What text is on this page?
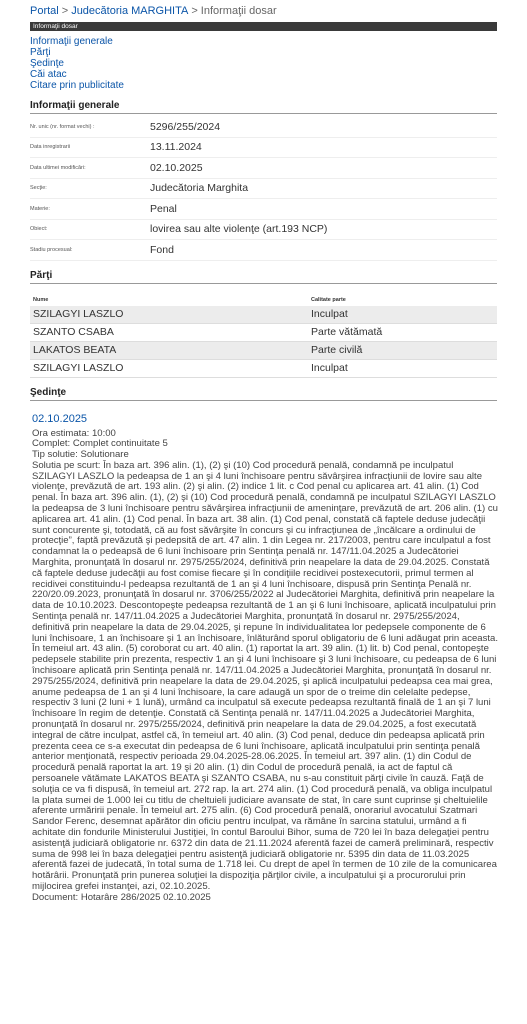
Portal > Judecătoria MARGHITA > Informaţii dosar
Informaţii dosar
Informaţii generale
Părţi
Şedinţe
Căi atac
Citare prin publicitate
Informaţii generale
Nr. unic (nr. format vechi) :	5296/255/2024
Data inregistrarii	13.11.2024
Data ultimei modificări:	02.10.2025
Secţie:	Judecătoria Marghita
Materie:	Penal
Obiect:	lovirea sau alte violenţe (art.193 NCP)
Stadiu procesual:	Fond
Părţi
Nume	Calitate parte
SZILAGYI LASZLO	Inculpat
SZANTO CSABA	Parte vătămată
LAKATOS BEATA	Parte civilă
SZILAGYI LASZLO	Inculpat
Şedinţe
02.10.2025

Ora estimata: 10:00

Complet: Complet continuitate 5

Tip solutie: Solutionare

Solutia pe scurt: În baza art. 396 alin. (1), (2) şi (10) Cod procedură penală, condamnă pe inculpatul SZILAGYI LASZLO la pedeapsa de 1 an şi 4 luni închisoare pentru săvârşirea infracţiunii de lovire sau alte violenţe, prevăzută de art. 193 alin. (2) şi alin. (2) indice 1 lit. c Cod penal cu aplicarea art. 41 alin. (1) Cod penal. În baza art. 396 alin. (1), (2) şi (10) Cod procedură penală, condamnă pe inculpatul SZILAGYI LASZLO la pedeapsa de 3 luni închisoare pentru săvârşirea infracţiunii de ameninţare, prevăzută de art. 206 alin. (1) cu aplicarea art. 41 alin. (1) Cod penal. În baza art. 38 alin. (1) Cod penal, constată că faptele deduse judecăţii sunt concurente şi, totodată, că au fost săvârşite în concurs şi cu infracţiunea de „încălcare a ordinului de protecţie”, faptă prevăzută şi pedepsită de art. 47 alin. 1 din Legea nr. 217/2003, pentru care inculpatul a fost condamnat la o pedeapsă de 6 luni închisoare prin Sentinţa penală nr. 147/11.04.2025 a Judecătoriei Marghita, pronunţată în dosarul nr. 2975/255/2024, definitivă prin neapelare la data de 29.04.2025. Constată că faptele deduse judecăţii au fost comise fiecare şi în condiţiile recidivei postexecutorii, primul termen al recidivei constituindu-l pedeapsa rezultantă de 1 an şi 4 luni închisoare, dispusă prin Sentinţa Penală nr. 220/20.09.2023, pronunţată în dosarul nr. 3706/255/2022 al Judecătoriei Marghita, definitivă prin neapelare la data de 10.10.2023. Descontopeşte pedeapsa rezultantă de 1 an şi 6 luni închisoare, aplicată inculpatului prin Sentinţa penală nr. 147/11.04.2025 a Judecătoriei Marghita, pronunţată în dosarul nr. 2975/255/2024, definitivă prin neapelare la data de 29.04.2025, şi repune în individualitatea lor pedepsele componente de 6 luni închisoare, 1 an închisoare şi 1 an închisoare, înlăturând sporul obligatoriu de 6 luni adăugat prin aceasta. În temeiul art. 43 alin. (5) coroborat cu art. 40 alin. (1) raportat la art. 39 alin. (1) lit. b) Cod penal, contopeşte pedepsele stabilite prin prezenta, respectiv 1 an şi 4 luni închisoare şi 3 luni închisoare, cu pedeapsa de 6 luni închisoare aplicată prin Sentinţa penală nr. 147/11.04.2025 a Judecătoriei Marghita, pronunţată în dosarul nr. 2975/255/2024, definitivă prin neapelare la data de 29.04.2025, şi aplică inculpatului pedeapsa cea mai grea, anume pedeapsa de 1 an şi 4 luni închisoare, la care adaugă un spor de o treime din celelalte pedepse, respectiv 3 luni (2 luni + 1 lună), urmând ca inculpatul să execute pedeapsa rezultantă finală de 1 an şi 7 luni închisoare în regim de detenţie. Constată că Sentinţa penală nr. 147/11.04.2025 a Judecătoriei Marghita, pronunţată în dosarul nr. 2975/255/2024, definitivă prin neapelare la data de 29.04.2025, a fost executată integral de către inculpat, astfel că, în temeiul art. 40 alin. (3) Cod penal, deduce din pedeapsa aplicată prin prezenta ceea ce s-a executat din pedeapsa de 6 luni închisoare, aplicată inculpatului prin sentinţa penală anterior menţionată, respectiv perioada 29.04.2025-28.06.2025. În temeiul art. 397 alin. (1) din Codul de procedură penală raportat la art. 19 şi 20 alin. (1) din Codul de procedură penală, ia act de faptul că persoanele vătămate LAKATOS BEATA şi SZANTO CSABA, nu s-au constituit părţi civile în cauză. Faţă de soluţia ce va fi dispusă, în temeiul art. 272 rap. la art. 274 alin. (1) Cod procedură penală, va obliga inculpatul la plata sumei de 1.000 lei cu titlu de cheltuieli judiciare avansate de stat, în care sunt cuprinse şi cheltuielile aferente urmăririi penale. În temeiul art. 275 alin. (6) Cod procedură penală, onorariul avocatului Szatmari Sandor Ferenc, desemnat apărător din oficiu pentru inculpat, va rămâne în sarcina statului, urmând a fi achitate din fondurile Ministerului Justiţiei, în contul Baroului Bihor, suma de 720 lei în baza delegaţiei pentru asistenţă judiciară obligatorie nr. 6372 din data de 21.11.2024 aferentă fazei de cameră preliminară, respectiv suma de 998 lei în baza delegaţiei pentru asistenţă judiciară obligatorie nr. 5395 din data de 11.03.2025 aferentă fazei de judecată, în total suma de 1.718 lei. Cu drept de apel în termen de 10 zile de la comunicarea hotărârii. Pronunţată prin punerea soluţiei la dispoziţia părţilor civile, a inculpatului şi a procurorului prin mijlocirea grefei instanţei, azi, 02.10.2025.

Document: Hotarâre 286/2025 02.10.2025
